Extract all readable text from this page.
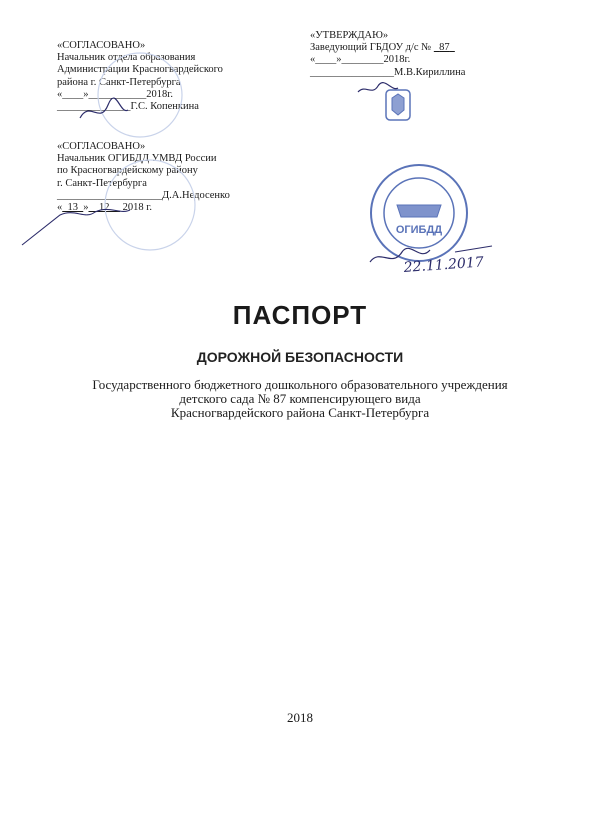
«СОГЛАСОВАНО»
Начальник отдела образования
Администрации Красногвардейского
района г. Санкт-Петербурга
«____»___________2018г.
______________Г.С. Копенкина
«УТВЕРЖДАЮ»
Заведующий ГБДОУ д/с № 87
«____»________2018г.
________________М.В.Кириллина
«СОГЛАСОВАНО»
Начальник ОГИБДД УМВД России
по Красногвардейскому району
г. Санкт-Петербурга
____________________Д.А.Недосенко
« 13 » 12 2018 г.
ОГИБДД
22.11.2017
ПАСПОРТ
ДОРОЖНОЙ БЕЗОПАСНОСТИ
Государственного бюджетного дошкольного образовательного учреждения
детского сада № 87 компенсирующего вида
Красногвардейского района Санкт-Петербурга
2018
